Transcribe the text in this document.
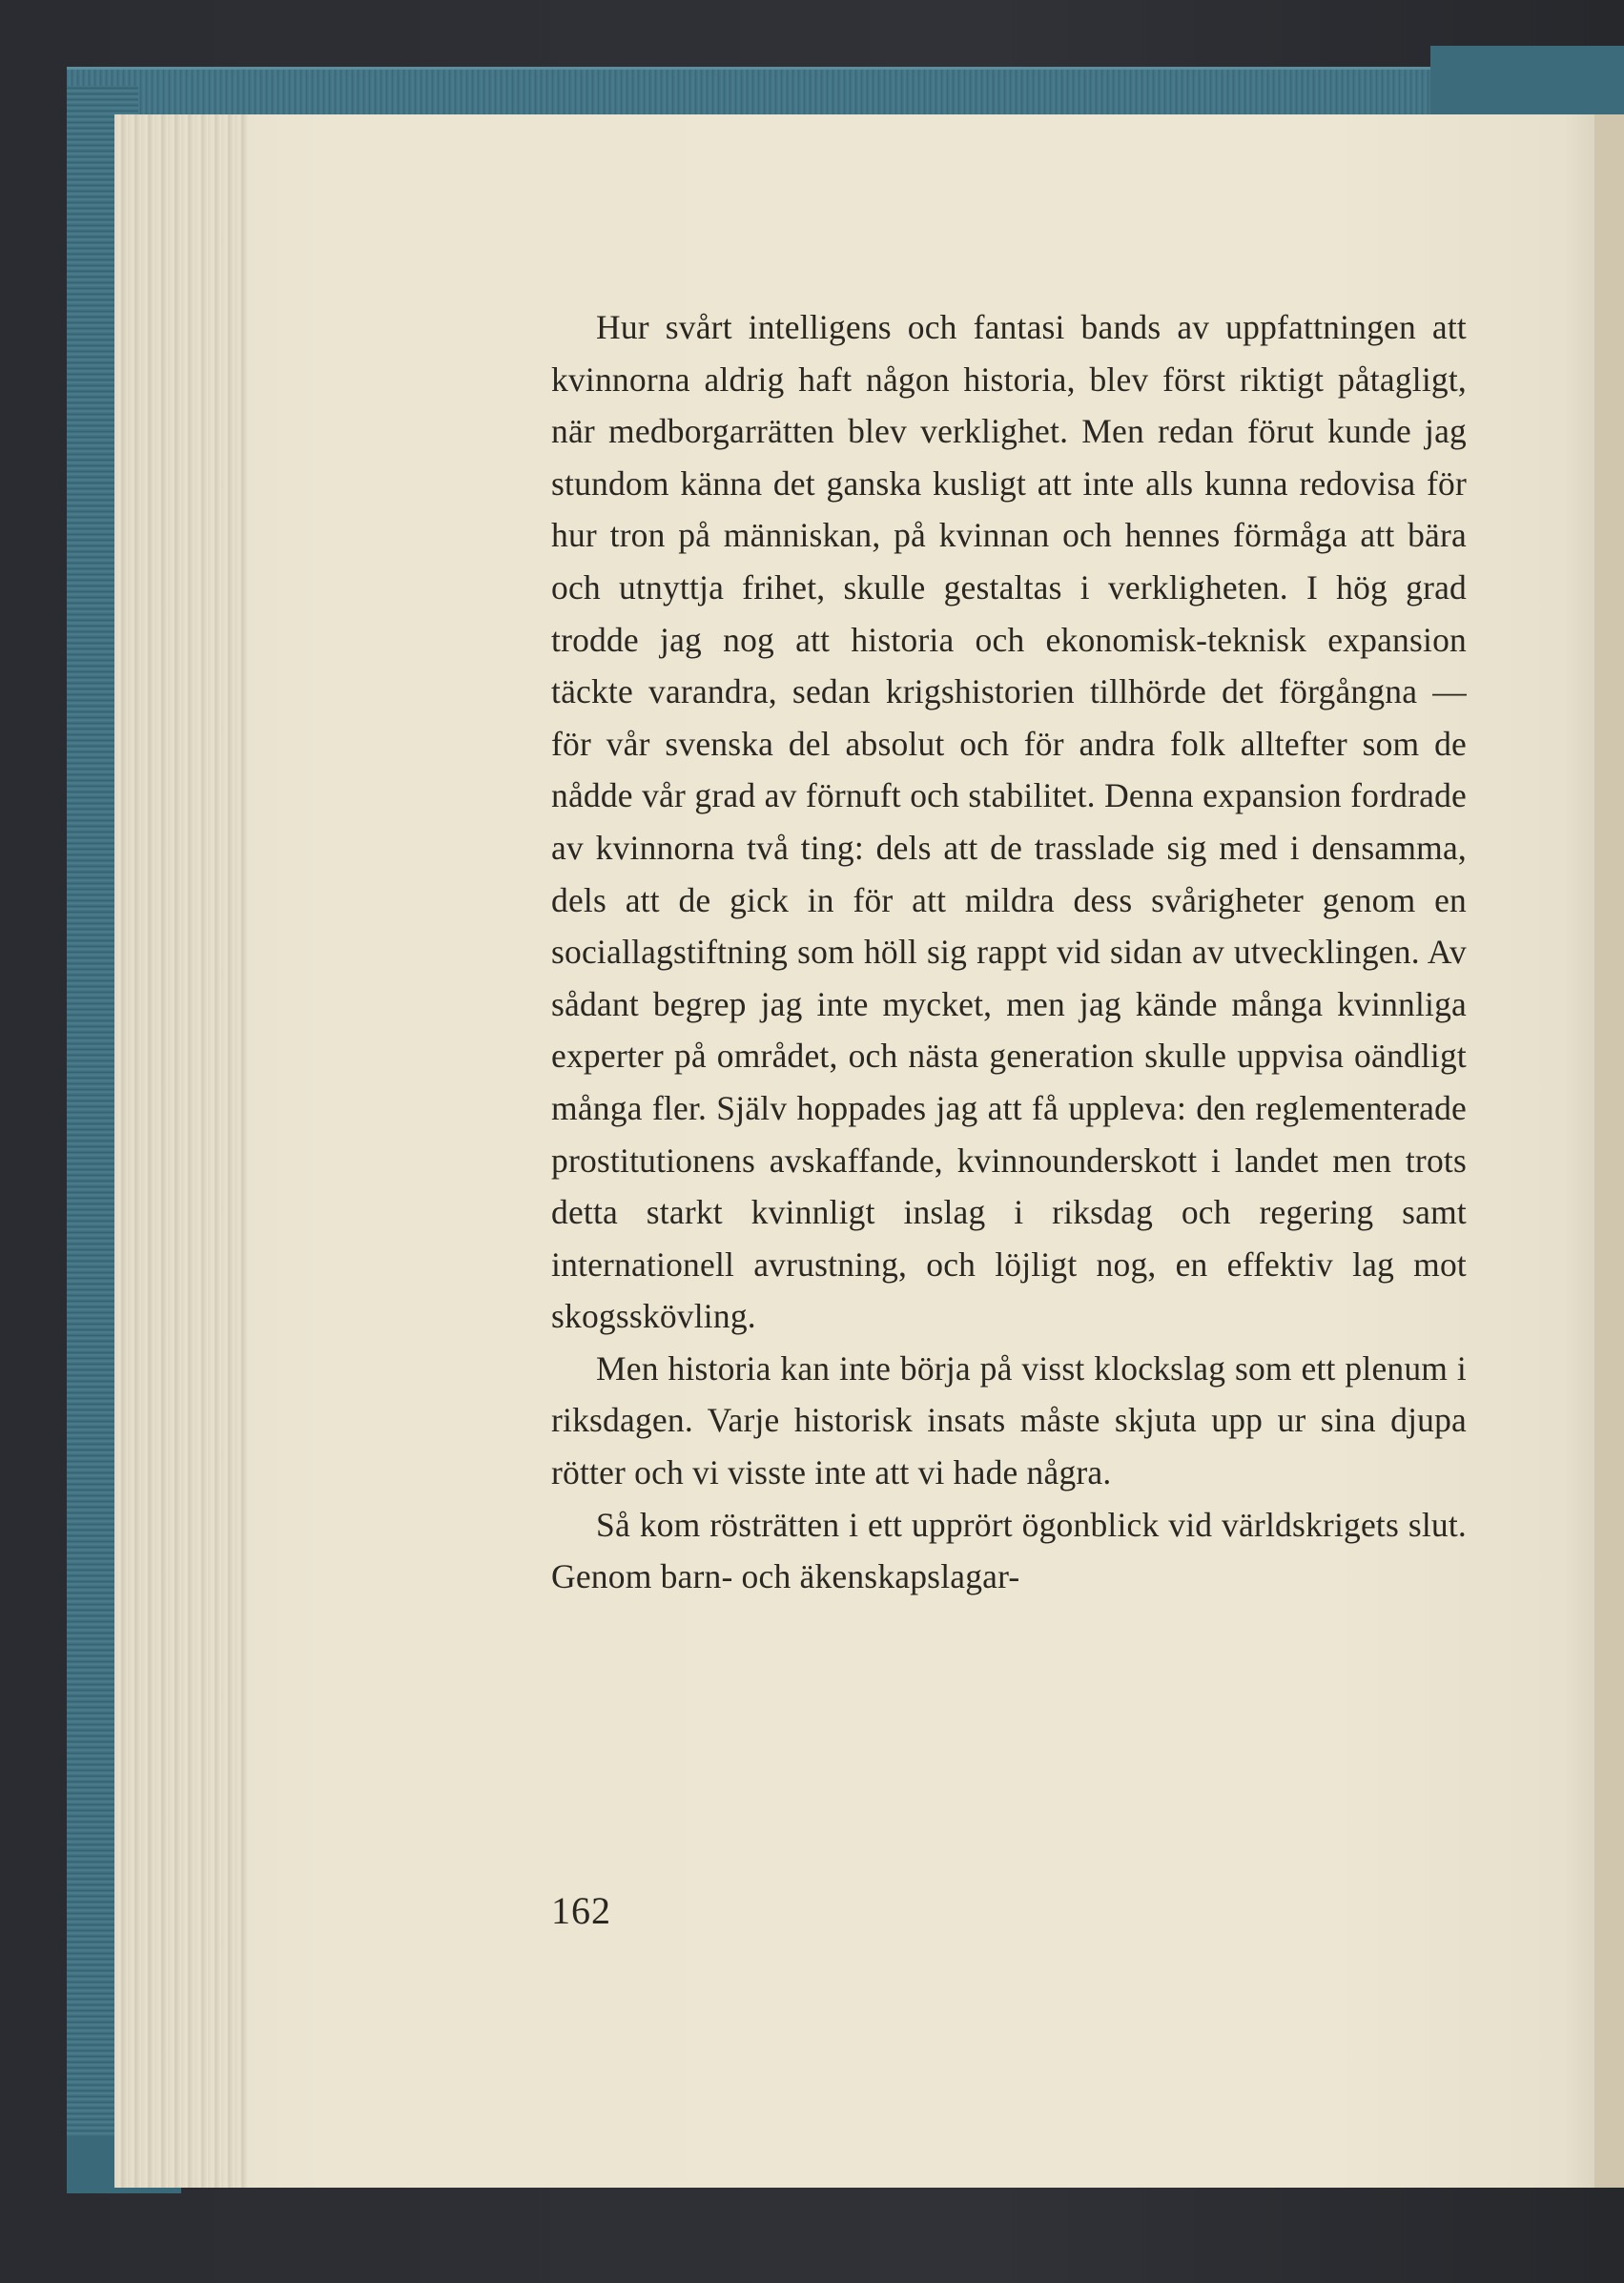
Hur svårt intelligens och fantasi bands av uppfattningen att kvinnorna aldrig haft någon historia, blev först riktigt påtagligt, när medborgarrätten blev verklighet. Men redan förut kunde jag stundom känna det ganska kusligt att inte alls kunna redovisa för hur tron på människan, på kvinnan och hennes förmåga att bära och utnyttja frihet, skulle gestaltas i verkligheten. I hög grad trodde jag nog att historia och ekonomisk-teknisk expansion täckte varandra, sedan krigshistorien tillhörde det förgångna — för vår svenska del absolut och för andra folk alltefter som de nådde vår grad av förnuft och stabilitet. Denna expansion fordrade av kvinnorna två ting: dels att de trasslade sig med i densamma, dels att de gick in för att mildra dess svårigheter genom en sociallagstiftning som höll sig rappt vid sidan av utvecklingen. Av sådant begrep jag inte mycket, men jag kände många kvinnliga experter på området, och nästa generation skulle uppvisa oändligt många fler. Själv hoppades jag att få uppleva: den reglementerade prostitutionens avskaffande, kvinnounderskott i landet men trots detta starkt kvinnligt inslag i riksdag och regering samt internationell avrustning, och löjligt nog, en effektiv lag mot skogsskövling.

Men historia kan inte börja på visst klockslag som ett plenum i riksdagen. Varje historisk insats måste skjuta upp ur sina djupa rötter och vi visste inte att vi hade några.

Så kom rösträtten i ett upprört ögonblick vid världskrigets slut. Genom barn- och äkenskapslagar-

162
